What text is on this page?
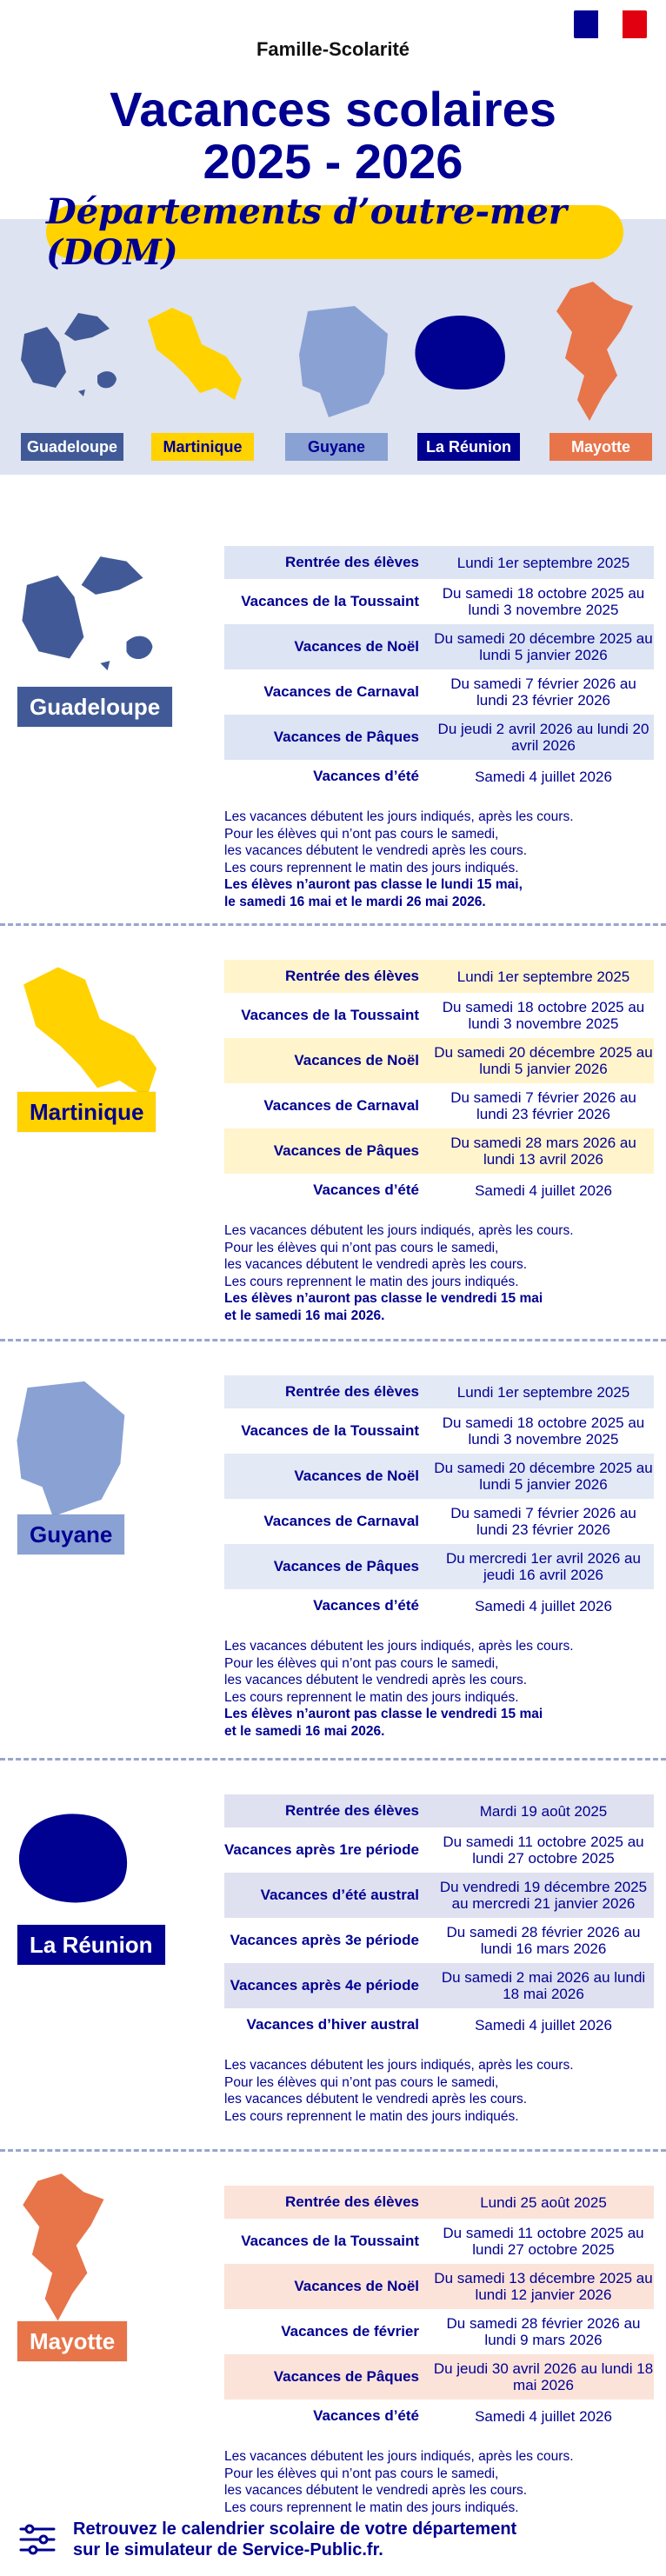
Famille-Scolarité
Vacances scolaires
2025 - 2026
Guadeloupe	Martinique	Guyane	La Réunion	Mayotte
Départements d’outre-mer (DOM)
Guadeloupe
Rentrée des élèves	Lundi 1er septembre 2025
Vacances de la Toussaint	Du samedi 18 octobre 2025 au lundi 3 novembre 2025
Vacances de Noël	Du samedi 20 décembre 2025 au lundi 5 janvier 2026
Vacances de Carnaval	Du samedi 7 février 2026 au lundi 23 février 2026
Vacances de Pâques	Du jeudi 2 avril 2026 au lundi 20 avril 2026
Vacances d’été	Samedi 4 juillet 2026
Les vacances débutent les jours indiqués, après les cours.
Pour les élèves qui n’ont pas cours le samedi,
les vacances débutent le vendredi après les cours.
Les cours reprennent le matin des jours indiqués.
Les élèves n’auront pas classe le lundi 15 mai,
le samedi 16 mai et le mardi 26 mai 2026.
Martinique
Rentrée des élèves	Lundi 1er septembre 2025
Vacances de la Toussaint	Du samedi 18 octobre 2025 au lundi 3 novembre 2025
Vacances de Noël	Du samedi 20 décembre 2025 au lundi 5 janvier 2026
Vacances de Carnaval	Du samedi 7 février 2026 au lundi 23 février 2026
Vacances de Pâques	Du samedi 28 mars 2026 au lundi 13 avril 2026
Vacances d’été	Samedi 4 juillet 2026
Les vacances débutent les jours indiqués, après les cours.
Pour les élèves qui n’ont pas cours le samedi,
les vacances débutent le vendredi après les cours.
Les cours reprennent le matin des jours indiqués.
Les élèves n’auront pas classe le vendredi 15 mai
et le samedi 16 mai 2026.
Guyane
Rentrée des élèves	Lundi 1er septembre 2025
Vacances de la Toussaint	Du samedi 18 octobre 2025 au lundi 3 novembre 2025
Vacances de Noël	Du samedi 20 décembre 2025 au lundi 5 janvier 2026
Vacances de Carnaval	Du samedi 7 février 2026 au lundi 23 février 2026
Vacances de Pâques	Du mercredi 1er avril 2026 au jeudi 16 avril 2026
Vacances d’été	Samedi 4 juillet 2026
Les vacances débutent les jours indiqués, après les cours.
Pour les élèves qui n’ont pas cours le samedi,
les vacances débutent le vendredi après les cours.
Les cours reprennent le matin des jours indiqués.
Les élèves n’auront pas classe le vendredi 15 mai
et le samedi 16 mai 2026.
La Réunion
Rentrée des élèves	Mardi 19 août 2025
Vacances après 1re période	Du samedi 11 octobre 2025 au lundi 27 octobre 2025
Vacances d’été austral	Du vendredi 19 décembre 2025 au mercredi 21 janvier 2026
Vacances après 3e période	Du samedi 28 février 2026 au lundi 16 mars 2026
Vacances après 4e période	Du samedi 2 mai 2026 au lundi 18 mai 2026
Vacances d’hiver austral	Samedi 4 juillet 2026
Les vacances débutent les jours indiqués, après les cours.
Pour les élèves qui n’ont pas cours le samedi,
les vacances débutent le vendredi après les cours.
Les cours reprennent le matin des jours indiqués.
Mayotte
Rentrée des élèves	Lundi 25 août 2025
Vacances de la Toussaint	Du samedi 11 octobre 2025 au lundi 27 octobre 2025
Vacances de Noël	Du samedi 13 décembre 2025 au lundi 12 janvier 2026
Vacances de février	Du samedi 28 février 2026 au lundi 9 mars 2026
Vacances de Pâques Du jeudi 30 avril 2026 au lundi 18 mai 2026
Vacances d’été	Samedi 4 juillet 2026
Les vacances débutent les jours indiqués, après les cours.
Pour les élèves qui n’ont pas cours le samedi,
les vacances débutent le vendredi après les cours.
Les cours reprennent le matin des jours indiqués.
Retrouvez le calendrier scolaire de votre département
sur le simulateur de Service-Public.fr.
